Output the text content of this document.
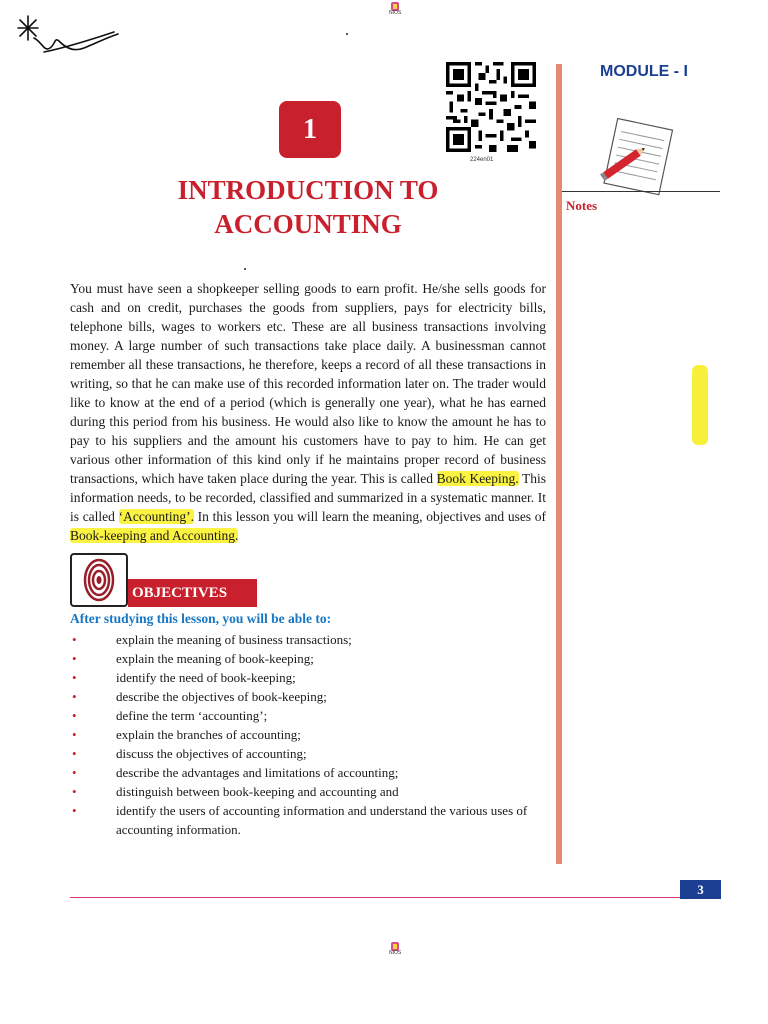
NIOS
224en01
1
INTRODUCTION TO ACCOUNTING
MODULE - I
Notes

You must have seen a shopkeeper selling goods to earn profit. He/she sells goods for cash and on credit, purchases the goods from suppliers, pays for electricity bills, telephone bills, wages to workers etc. These are all business transactions involving money. A large number of such transactions take place daily. A businessman cannot remember all these transactions, he therefore, keeps a record of all these transactions in writing, so that he can make use of this recorded information later on. The trader would like to know at the end of a period (which is generally one year), what he has earned during this period from his business. He would also like to know the amount he has to pay to his suppliers and the amount his customers have to pay to him. He can get various other information of this kind only if he maintains proper record of business transactions, which have taken place during the year. This is called Book Keeping. This information needs, to be recorded, classified and summarized in a systematic manner. It is called ‘Accounting’. In this lesson you will learn the meaning, objectives and uses of Book-keeping and Accounting.

OBJECTIVES
After studying this lesson, you will be able to:
•	explain the meaning of business transactions;
•	explain the meaning of book-keeping;
•	identify the need of book-keeping;
•	describe the objectives of book-keeping;
•	define the term ‘accounting’;
•	explain the branches of accounting;
•	discuss the objectives of accounting;
•	describe the advantages and limitations of accounting;
•	distinguish between book-keeping and accounting and
•	identify the users of accounting information and understand the various uses of accounting information.
3
NIOS
